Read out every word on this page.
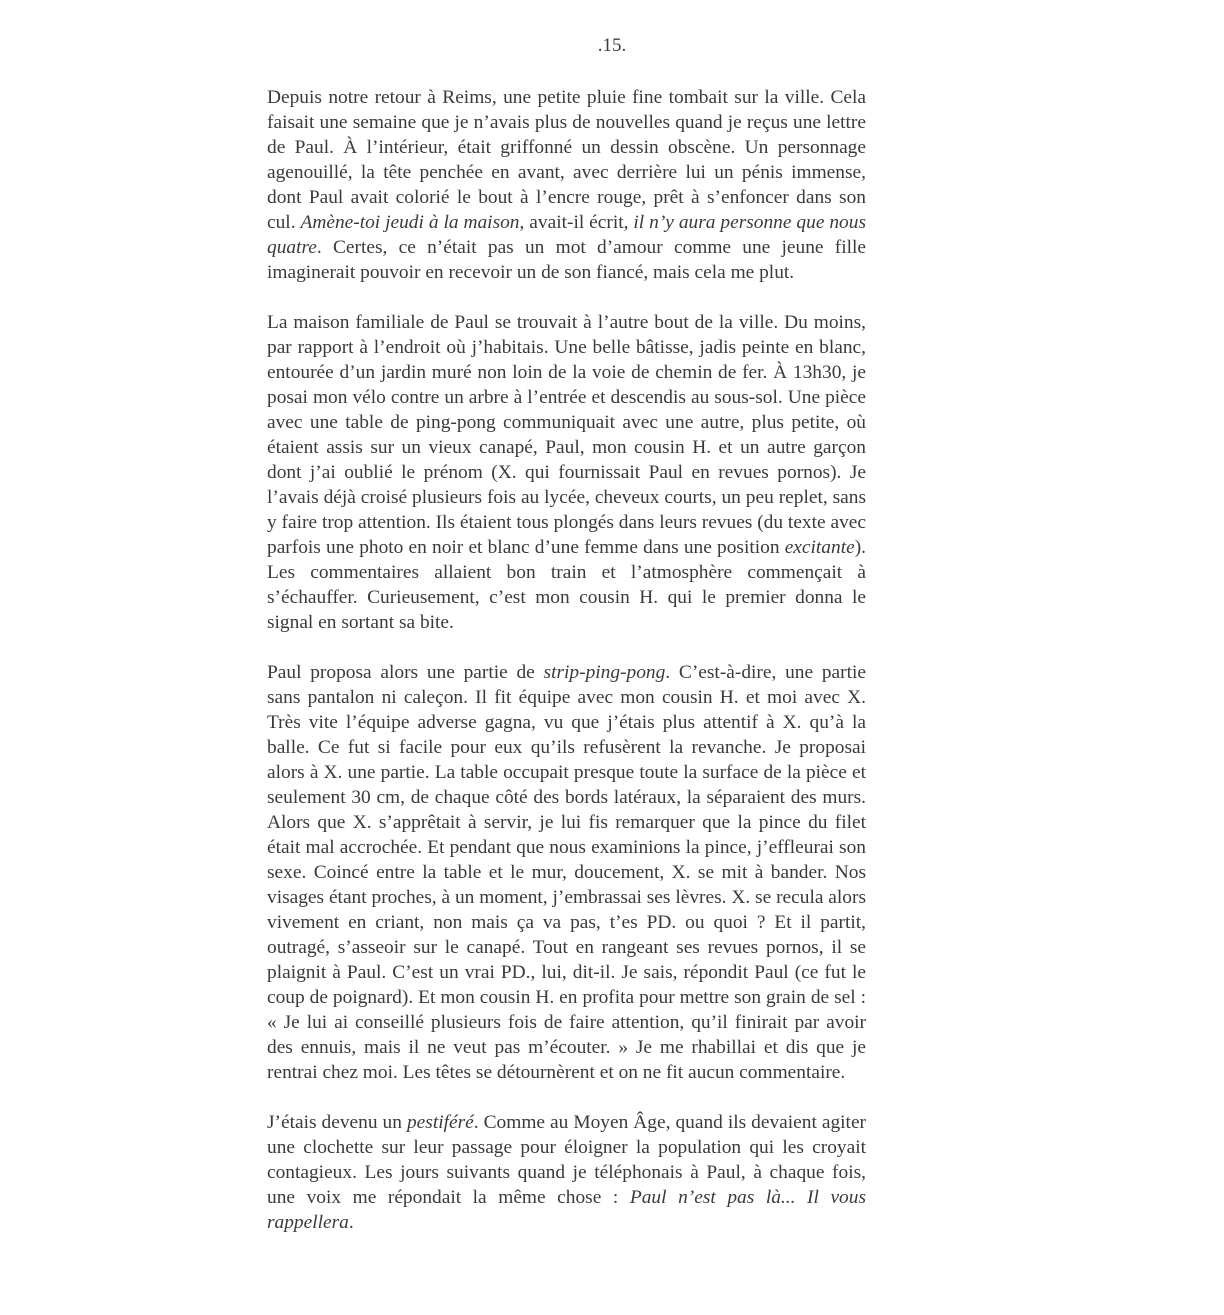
.15.

Depuis notre retour à Reims, une petite pluie fine tombait sur la ville. Cela faisait une semaine que je n’avais plus de nouvelles quand je reçus une lettre de Paul. À l’intérieur, était griffonné un dessin obscène. Un personnage agenouillé, la tête penchée en avant, avec derrière lui un pénis immense, dont Paul avait colorié le bout à l’encre rouge, prêt à s’enfoncer dans son cul. Amène-toi jeudi à la maison, avait-il écrit, il n’y aura personne que nous quatre. Certes, ce n’était pas un mot d’amour comme une jeune fille imaginerait pouvoir en recevoir un de son fiancé, mais cela me plut.

La maison familiale de Paul se trouvait à l’autre bout de la ville. Du moins, par rapport à l’endroit où j’habitais. Une belle bâtisse, jadis peinte en blanc, entourée d’un jardin muré non loin de la voie de chemin de fer. À 13h30, je posai mon vélo contre un arbre à l’entrée et descendis au sous-sol. Une pièce avec une table de ping-pong communiquait avec une autre, plus petite, où étaient assis sur un vieux canapé, Paul, mon cousin H. et un autre garçon dont j’ai oublié le prénom (X. qui fournissait Paul en revues pornos). Je l’avais déjà croisé plusieurs fois au lycée, cheveux courts, un peu replet, sans y faire trop attention. Ils étaient tous plongés dans leurs revues (du texte avec parfois une photo en noir et blanc d’une femme dans une position excitante). Les commentaires allaient bon train et l’atmosphère commençait à s’échauffer. Curieusement, c’est mon cousin H. qui le premier donna le signal en sortant sa bite.

Paul proposa alors une partie de strip-ping-pong. C’est-à-dire, une partie sans pantalon ni caleçon. Il fit équipe avec mon cousin H. et moi avec X. Très vite l’équipe adverse gagna, vu que j’étais plus attentif à X. qu’à la balle. Ce fut si facile pour eux qu’ils refusèrent la revanche. Je proposai alors à X. une partie. La table occupait presque toute la surface de la pièce et seulement 30 cm, de chaque côté des bords latéraux, la séparaient des murs. Alors que X. s’apprêtait à servir, je lui fis remarquer que la pince du filet était mal accrochée. Et pendant que nous examinions la pince, j’effleurai son sexe. Coincé entre la table et le mur, doucement, X. se mit à bander. Nos visages étant proches, à un moment, j’embrassai ses lèvres. X. se recula alors vivement en criant, non mais ça va pas, t’es PD. ou quoi ? Et il partit, outragé, s’asseoir sur le canapé. Tout en rangeant ses revues pornos, il se plaignit à Paul. C’est un vrai PD., lui, dit-il. Je sais, répondit Paul (ce fut le coup de poignard). Et mon cousin H. en profita pour mettre son grain de sel : « Je lui ai conseillé plusieurs fois de faire attention, qu’il finirait par avoir des ennuis, mais il ne veut pas m’écouter. » Je me rhabillai et dis que je rentrai chez moi. Les têtes se détournèrent et on ne fit aucun commentaire.

J’étais devenu un pestiféré. Comme au Moyen Âge, quand ils devaient agiter une clochette sur leur passage pour éloigner la population qui les croyait contagieux. Les jours suivants quand je téléphonais à Paul, à chaque fois, une voix me répondait la même chose : Paul n’est pas là... Il vous rappellera.
